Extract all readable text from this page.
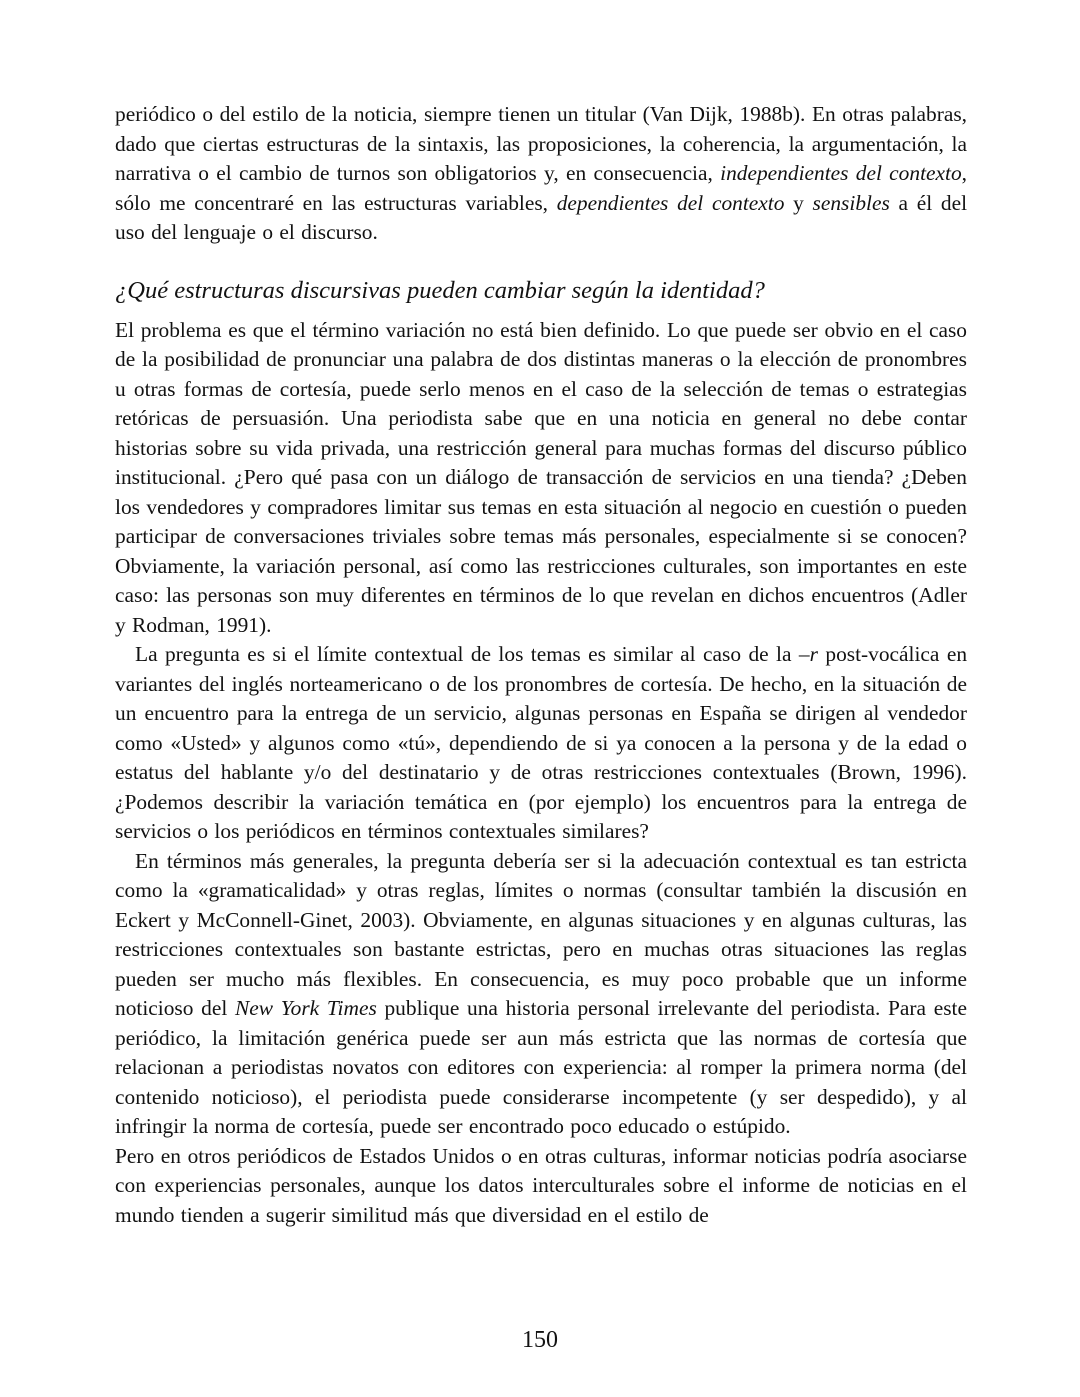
periódico o del estilo de la noticia, siempre tienen un titular (Van Dijk, 1988b). En otras palabras, dado que ciertas estructuras de la sintaxis, las proposiciones, la coherencia, la argumentación, la narrativa o el cambio de turnos son obligatorios y, en consecuencia, independientes del contexto, sólo me concentraré en las estructuras variables, dependientes del contexto y sensibles a él del uso del lenguaje o el discurso.

¿Qué estructuras discursivas pueden cambiar según la identidad?

El problema es que el término variación no está bien definido. Lo que puede ser obvio en el caso de la posibilidad de pronunciar una palabra de dos distintas maneras o la elección de pronombres u otras formas de cortesía, puede serlo menos en el caso de la selección de temas o estrategias retóricas de persuasión. Una periodista sabe que en una noticia en general no debe contar historias sobre su vida privada, una restricción general para muchas formas del discurso público institucional. ¿Pero qué pasa con un diálogo de transacción de servicios en una tienda? ¿Deben los vendedores y compradores limitar sus temas en esta situación al negocio en cuestión o pueden participar de conversaciones triviales sobre temas más personales, especialmente si se conocen? Obviamente, la variación personal, así como las restricciones culturales, son importantes en este caso: las personas son muy diferentes en términos de lo que revelan en dichos encuentros (Adler y Rodman, 1991).

La pregunta es si el límite contextual de los temas es similar al caso de la –r post-vocálica en variantes del inglés norteamericano o de los pronombres de cortesía. De hecho, en la situación de un encuentro para la entrega de un servicio, algunas personas en España se dirigen al vendedor como «Usted» y algunos como «tú», dependiendo de si ya conocen a la persona y de la edad o estatus del hablante y/o del destinatario y de otras restricciones contextuales (Brown, 1996). ¿Podemos describir la variación temática en (por ejemplo) los encuentros para la entrega de servicios o los periódicos en términos contextuales similares?

En términos más generales, la pregunta debería ser si la adecuación contextual es tan estricta como la «gramaticalidad» y otras reglas, límites o normas (consultar también la discusión en Eckert y McConnell-Ginet, 2003). Obviamente, en algunas situaciones y en algunas culturas, las restricciones contextuales son bastante estrictas, pero en muchas otras situaciones las reglas pueden ser mucho más flexibles. En consecuencia, es muy poco probable que un informe noticioso del New York Times publique una historia personal irrelevante del periodista. Para este periódico, la limitación genérica puede ser aun más estricta que las normas de cortesía que relacionan a periodistas novatos con editores con experiencia: al romper la primera norma (del contenido noticioso), el periodista puede considerarse incompetente (y ser despedido), y al infringir la norma de cortesía, puede ser encontrado poco educado o estúpido.

Pero en otros periódicos de Estados Unidos o en otras culturas, informar noticias podría asociarse con experiencias personales, aunque los datos interculturales sobre el informe de noticias en el mundo tienden a sugerir similitud más que diversidad en el estilo de

150
